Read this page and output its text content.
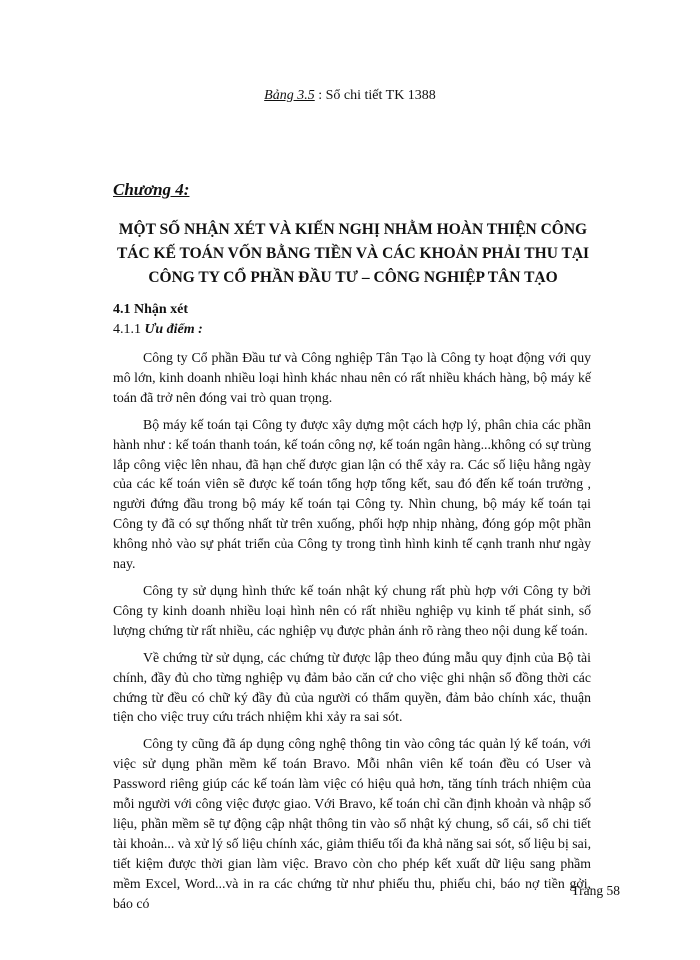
Bảng 3.5 : Sổ chi tiết TK 1388
Chương 4:
MỘT SỐ NHẬN XÉT VÀ KIẾN NGHỊ NHẰM HOÀN THIỆN CÔNG
TÁC KẾ TOÁN VỐN BẰNG TIỀN VÀ CÁC KHOẢN PHẢI THU TẠI
CÔNG TY CỔ PHẦN ĐẦU TƯ – CÔNG NGHIỆP TÂN TẠO
4.1 Nhận xét
4.1.1 Ưu điểm :

Công ty Cổ phần Đầu tư và Công nghiệp Tân Tạo là Công ty hoạt động với quy mô lớn, kinh doanh nhiều loại hình khác nhau nên có rất nhiều khách hàng, bộ máy kế toán đã trở nên đóng vai trò quan trọng.

Bộ máy kế toán tại Công ty được xây dựng một cách hợp lý, phân chia các phần hành như : kế toán thanh toán, kế toán công nợ, kế toán ngân hàng...không có sự trùng lắp công việc lên nhau, đã hạn chế được gian lận có thể xảy ra. Các số liệu hằng ngày của các kế toán viên sẽ được kế toán tổng hợp tổng kết, sau đó đến kế toán trưởng , người đứng đầu trong bộ máy kế toán tại Công ty. Nhìn chung, bộ máy kế toán tại Công ty đã có sự thống nhất từ trên xuống, phối hợp nhịp nhàng, đóng góp một phần không nhỏ vào sự phát triển của Công ty trong tình hình kinh tế cạnh tranh như ngày nay.

Công ty sử dụng hình thức kế toán nhật ký chung rất phù hợp với Công ty bởi Công ty kinh doanh nhiều loại hình nên có rất nhiều nghiệp vụ kinh tế phát sinh, số lượng chứng từ rất nhiều, các nghiệp vụ được phản ánh rõ ràng theo nội dung kế toán.

Về chứng từ sử dụng, các chứng từ được lập theo đúng mẫu quy định của Bộ tài chính, đầy đủ cho từng nghiệp vụ đảm bảo căn cứ cho việc ghi nhận sổ đồng thời các chứng từ đều có chữ ký đầy đủ của người có thẩm quyền, đảm bảo chính xác, thuận tiện cho việc truy cứu trách nhiệm khi xảy ra sai sót.

Công ty cũng đã áp dụng công nghệ thông tin vào công tác quản lý kế toán, với việc sử dụng phần mềm kế toán Bravo. Mỗi nhân viên kế toán đều có User và Password riêng giúp các kế toán làm việc có hiệu quả hơn, tăng tính trách nhiệm của mỗi người với công việc được giao. Với Bravo, kế toán chỉ cần định khoản và nhập số liệu, phần mềm sẽ tự động cập nhật thông tin vào sổ nhật ký chung, sổ cái, sổ chi tiết tài khoản... và xử lý số liệu chính xác, giảm thiểu tối đa khả năng sai sót, số liệu bị sai, tiết kiệm được thời gian làm việc. Bravo còn cho phép kết xuất dữ liệu sang phầm mềm Excel, Word...và in ra các chứng từ như phiếu thu, phiếu chi, báo nợ tiền gởi, báo có

Trang 58
